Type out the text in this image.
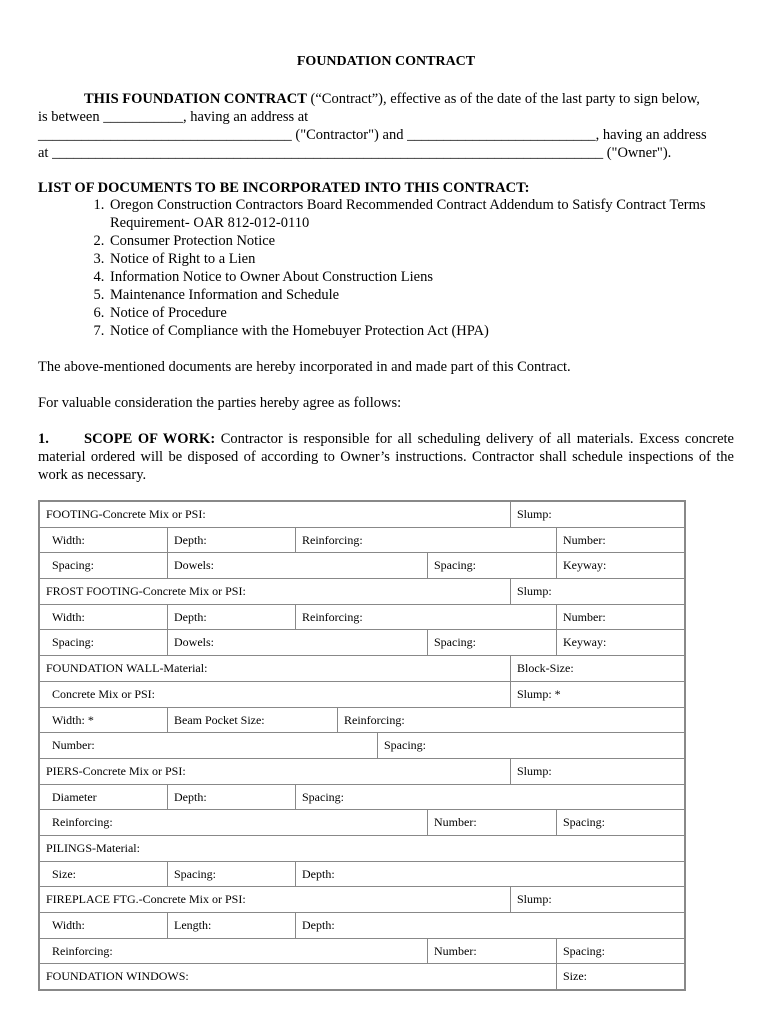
FOUNDATION CONTRACT
THIS FOUNDATION CONTRACT (“Contract”), effective as of the date of the last party to sign below,
is between ___________, having an address at
___________________________________ ("Contractor") and __________________________, having an address
at ____________________________________________________________________________ ("Owner").
LIST OF DOCUMENTS TO BE INCORPORATED INTO THIS CONTRACT:
1. Oregon Construction Contractors Board Recommended Contract Addendum to Satisfy Contract Terms Requirement- OAR 812-012-0110
2. Consumer Protection Notice
3. Notice of Right to a Lien
4. Information Notice to Owner About Construction Liens
5. Maintenance Information and Schedule
6. Notice of Procedure
7. Notice of Compliance with the Homebuyer Protection Act (HPA)
The above-mentioned documents are hereby incorporated in and made part of this Contract.
For valuable consideration the parties hereby agree as follows:
1. SCOPE OF WORK: Contractor is responsible for all scheduling delivery of all materials. Excess concrete material ordered will be disposed of according to Owner’s instructions. Contractor shall schedule inspections of the work as necessary.
FOOTING-Concrete Mix or PSI:	Slump:
Width:	Depth:	Reinforcing:	Number:
Spacing:	Dowels:	Spacing:	Keyway:
FROST FOOTING-Concrete Mix or PSI:	Slump:
Width:	Depth:	Reinforcing:	Number:
Spacing:	Dowels:	Spacing:	Keyway:
FOUNDATION WALL-Material:	Block-Size:
Concrete Mix or PSI:	Slump: *
Width: *	Beam Pocket Size:	Reinforcing:
Number:	Spacing:
PIERS-Concrete Mix or PSI:	Slump:
Diameter	Depth:	Spacing:
Reinforcing:	Number:	Spacing:
PILINGS-Material:
Size:	Spacing:	Depth:
FIREPLACE FTG.-Concrete Mix or PSI:	Slump:
Width:	Length:	Depth:
Reinforcing:	Number:	Spacing:
FOUNDATION WINDOWS:	Size:
